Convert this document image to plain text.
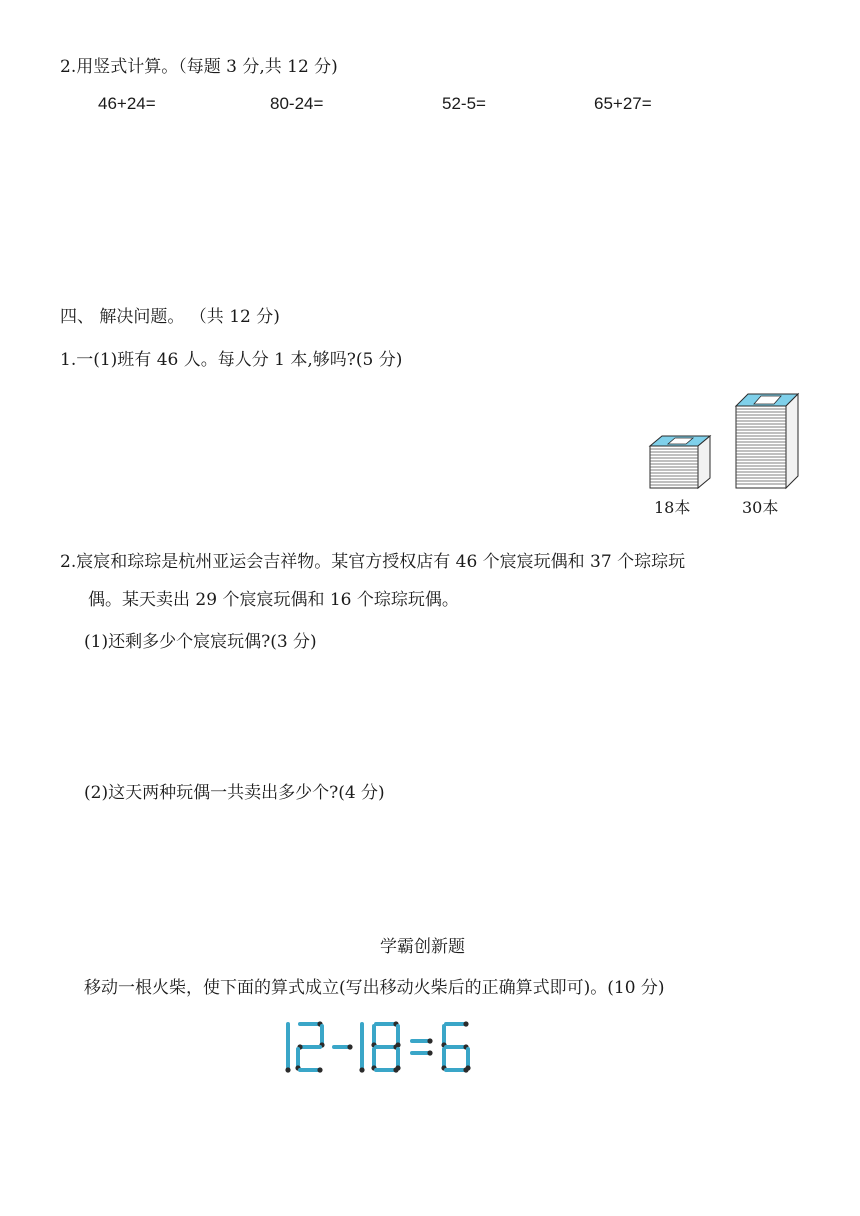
2.用竖式计算。（每题 3 分,共 12 分)
46+24=	80-24=	52-5=	65+27=
四、 解决问题。 （共 12 分)
1.一(1)班有 46 人。每人分 1 本,够吗?(5 分)
18本	30本
2.宸宸和琮琮是杭州亚运会吉祥物。某官方授权店有 46 个宸宸玩偶和 37 个琮琮玩
偶。某天卖出 29 个宸宸玩偶和 16 个琮琮玩偶。
(1)还剩多少个宸宸玩偶?(3 分)
(2)这天两种玩偶一共卖出多少个?(4 分)
学霸创新题
移动一根火柴，使下面的算式成立(写出移动火柴后的正确算式即可)。(10 分)
